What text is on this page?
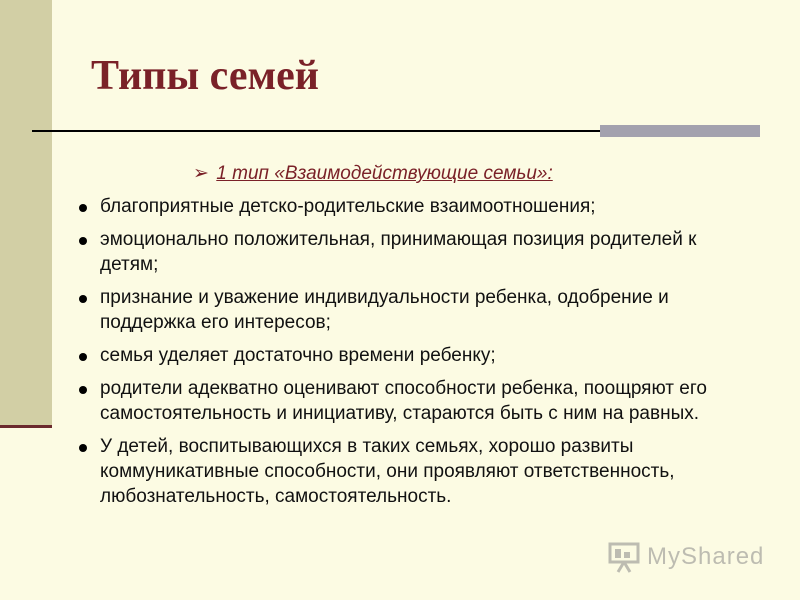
Типы семей
➢ 1 тип «Взаимодействующие семьи»:
благоприятные детско-родительские взаимоотношения;
эмоционально положительная, принимающая позиция родителей к детям;
признание и уважение индивидуальности ребенка, одобрение и поддержка его интересов;
семья уделяет достаточно времени ребенку;
родители адекватно оценивают способности ребенка, поощряют его самостоятельность и инициативу, стараются быть с ним на равных.
У детей, воспитывающихся в таких семьях, хорошо развиты коммуникативные способности, они проявляют ответственность, любознательность, самостоятельность.
MyShared
